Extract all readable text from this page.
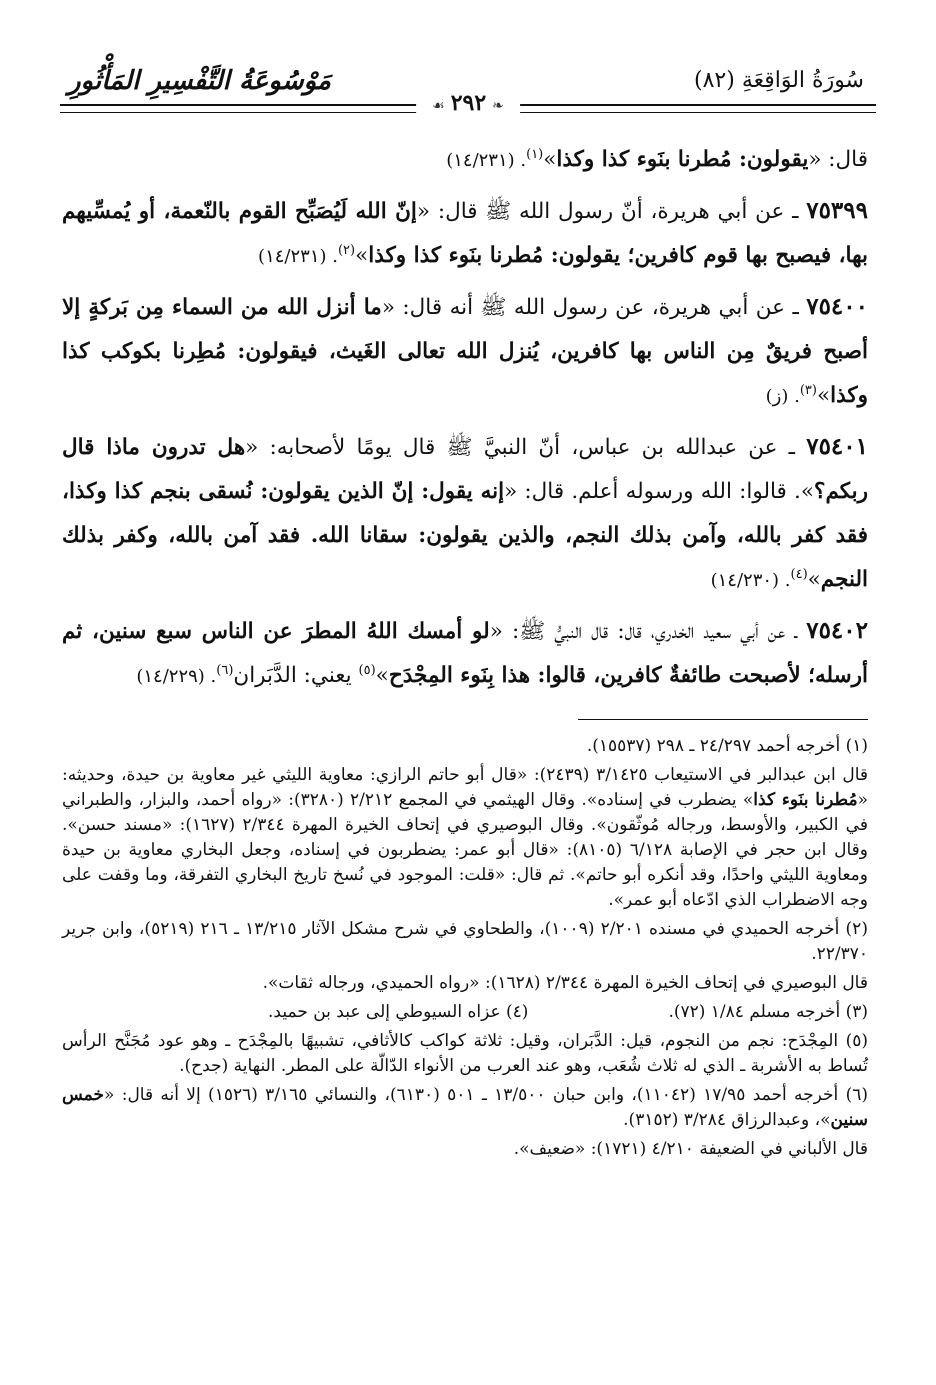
سُورَةُ الوَاقِعَةِ (٨٢)
مَوْسُوعَةُ التَّفْسِيرِ المَأْثُورِ
❧٢٩٢☙

قال: «يقولون: مُطرنا بنَوء كذا وكذا»$^{(١)}$. (١٤/٢٣١)

٧٥٣٩٩ ـ عن أبي هريرة، أنّ رسول الله ﷺ قال: «إنّ الله لَيُصَبِّح القوم بالنّعمة، أو يُمسِّيهم بها، فيصبح بها قوم كافرين؛ يقولون: مُطرنا بنَوء كذا وكذا»$^{(٢)}$. (١٤/٢٣١)

٧٥٤٠٠ ـ عن أبي هريرة، عن رسول الله ﷺ أنه قال: «ما أنزل الله من السماء مِن بَركةٍ إلا أصبح فريقٌ مِن الناس بها كافرين، يُنزل الله تعالى الغَيث، فيقولون: مُطِرنا بكوكب كذا وكذا»$^{(٣)}$. (ز)

٧٥٤٠١ ـ عن عبدالله بن عباس، أنّ النبيَّ ﷺ قال يومًا لأصحابه: «هل تدرون ماذا قال ربكم؟». قالوا: الله ورسوله أعلم. قال: «إنه يقول: إنّ الذين يقولون: نُسقى بنجم كذا وكذا، فقد كفر بالله، وآمن بذلك النجم، والذين يقولون: سقانا الله. فقد آمن بالله، وكفر بذلك النجم»$^{(٤)}$. (١٤/٢٣٠)

٧٥٤٠٢ ـ عن أبي سعيد الخدري، قال: قال النبيُّ ﷺ: «لو أمسك اللهُ المطرَ عن الناس سبع سنين، ثم أرسله؛ لأصبحت طائفةٌ كافرين، قالوا: هذا بِنَوء المِجْدَح»$^{(٥)}$ يعني: الدَّبَران$^{(٦)}$. (١٤/٢٢٩)

(١) أخرجه أحمد ٢٤/٢٩٧ ـ ٢٩٨ (١٥٥٣٧).

قال ابن عبدالبر في الاستيعاب ٣/١٤٢٥ (٢٤٣٩): «قال أبو حاتم الرازي: معاوية الليثي غير معاوية بن حيدة، وحديثه: «مُطرنا بنَوء كذا» يضطرب في إسناده». وقال الهيثمي في المجمع ٢/٢١٢ (٣٢٨٠): «رواه أحمد، والبزار، والطبراني في الكبير، والأوسط، ورجاله مُوثّقون». وقال البوصيري في إتحاف الخيرة المهرة ٢/٣٤٤ (١٦٢٧): «مسند حسن». وقال ابن حجر في الإصابة ٦/١٢٨ (٨١٠٥): «قال أبو عمر: يضطربون في إسناده، وجعل البخاري معاوية بن حيدة ومعاوية الليثي واحدًا، وقد أنكره أبو حاتم». ثم قال: «قلت: الموجود في نُسخ تاريخ البخاري التفرقة، وما وقفت على وجه الاضطراب الذي ادّعاه أبو عمر».

(٢) أخرجه الحميدي في مسنده ٢/٢٠١ (١٠٠٩)، والطحاوي في شرح مشكل الآثار ١٣/٢١٥ ـ ٢١٦ (٥٢١٩)، وابن جرير ٢٢/٣٧٠.

قال البوصيري في إتحاف الخيرة المهرة ٢/٣٤٤ (١٦٢٨): «رواه الحميدي، ورجاله ثقات».

(٣) أخرجه مسلم ١/٨٤ (٧٢).
(٤) عزاه السيوطي إلى عبد بن حميد.

(٥) المِجْدَح: نجم من النجوم، قيل: الدَّبَران، وقيل: ثلاثة كواكب كالأثافي، تشبيهًا بالمِجْدَح ـ وهو عود مُجَنَّح الرأس تُساط به الأشربة ـ الذي له ثلاث شُعَب، وهو عند العرب من الأنواء الدّالّة على المطر. النهاية (جدح).

(٦) أخرجه أحمد ١٧/٩٥ (١١٠٤٢)، وابن حبان ١٣/٥٠٠ ـ ٥٠١ (٦١٣٠)، والنسائي ٣/١٦٥ (١٥٢٦) إلا أنه قال: «خمس سنين»، وعبدالرزاق ٣/٢٨٤ (٣١٥٢).

قال الألباني في الضعيفة ٤/٢١٠ (١٧٢١): «ضعيف».
